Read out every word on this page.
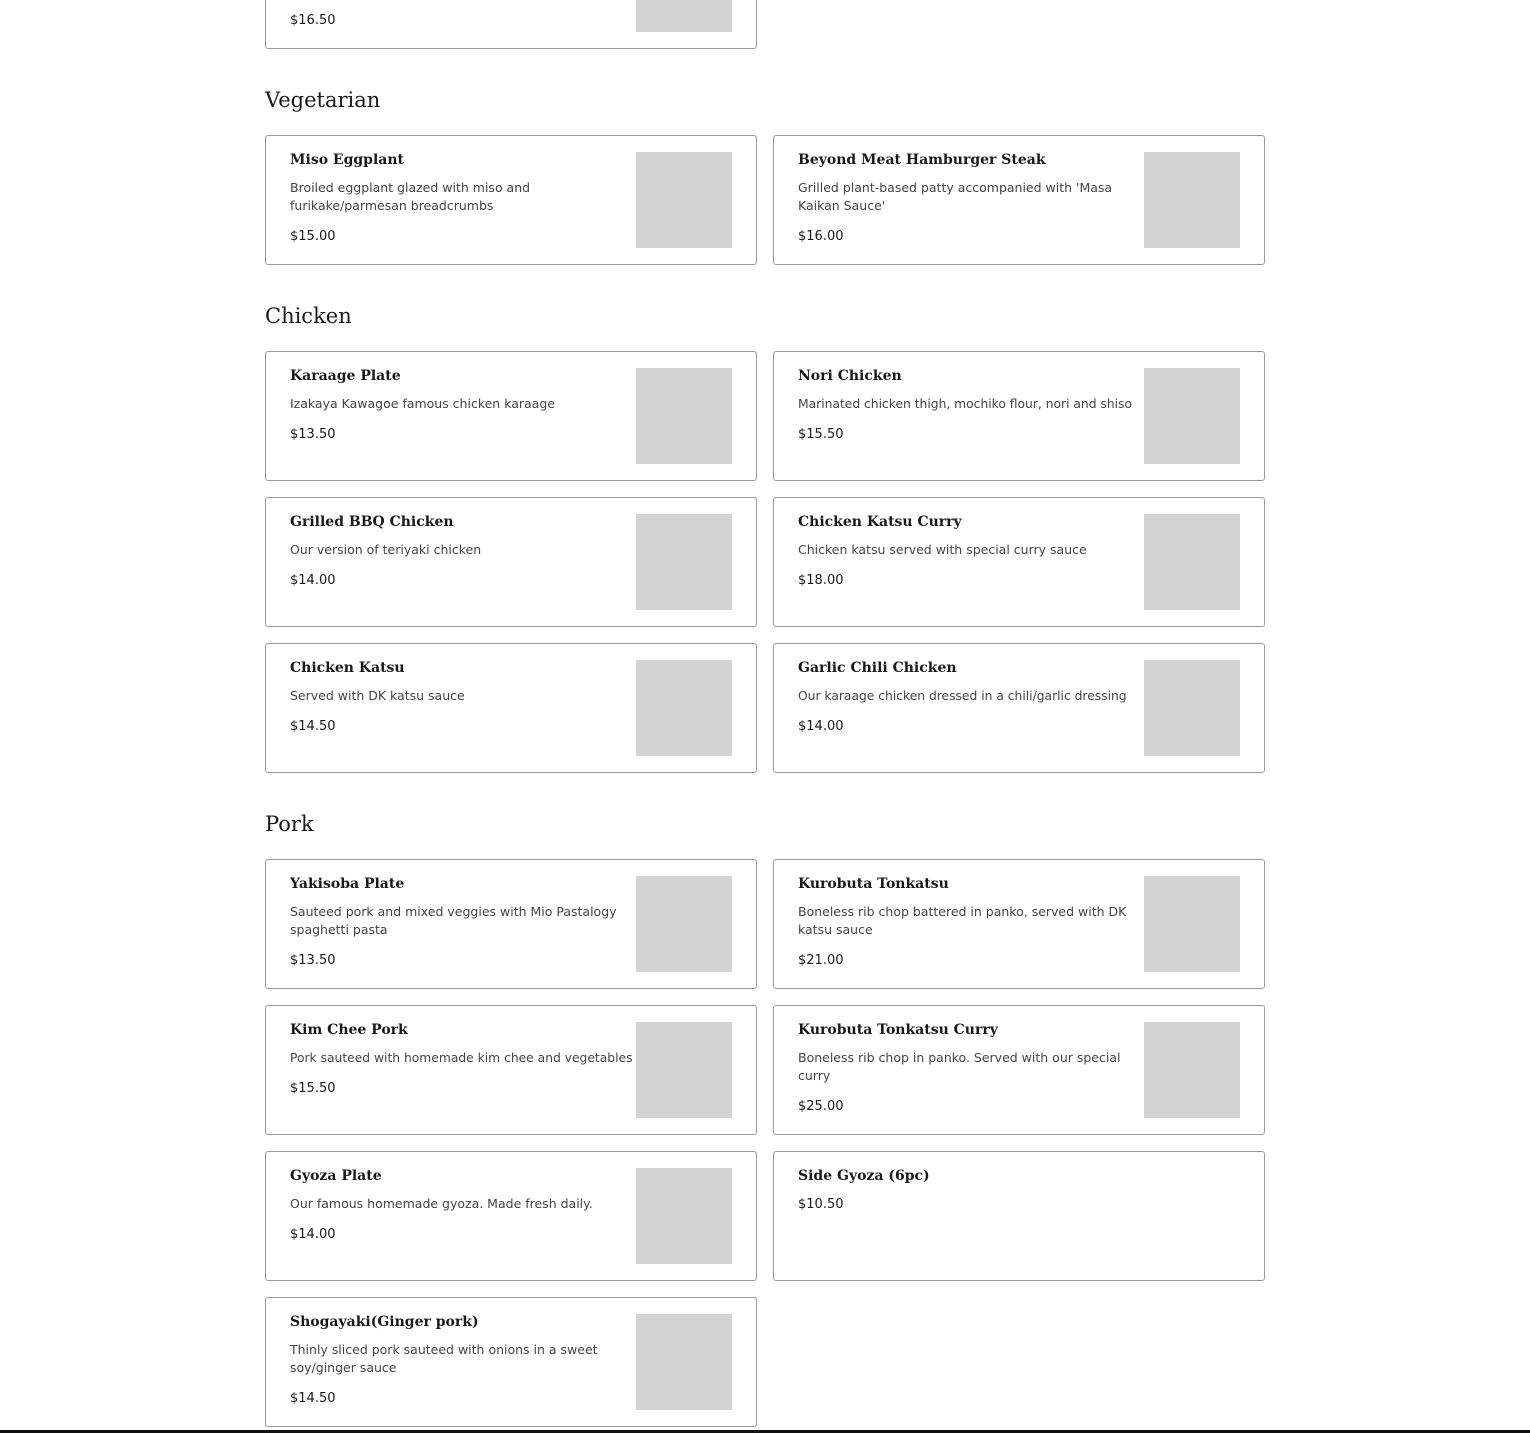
$16.50
Vegetarian
Miso Eggplant
Broiled eggplant glazed with miso and furikake/parmesan breadcrumbs
$15.00
Beyond Meat Hamburger Steak
Grilled plant-based patty accompanied with 'Masa Kaikan Sauce'
$16.00
Chicken
Karaage Plate
Izakaya Kawagoe famous chicken karaage
$13.50
Nori Chicken
Marinated chicken thigh, mochiko flour, nori and shiso
$15.50
Grilled BBQ Chicken
Our version of teriyaki chicken
$14.00
Chicken Katsu Curry
Chicken katsu served with special curry sauce
$18.00
Chicken Katsu
Served with DK katsu sauce
$14.50
Garlic Chili Chicken
Our karaage chicken dressed in a chili/garlic dressing
$14.00
Pork
Yakisoba Plate
Sauteed pork and mixed veggies with Mio Pastalogy spaghetti pasta
$13.50
Kurobuta Tonkatsu
Boneless rib chop battered in panko, served with DK katsu sauce
$21.00
Kim Chee Pork
Pork sauteed with homemade kim chee and vegetables
$15.50
Kurobuta Tonkatsu Curry
Boneless rib chop in panko. Served with our special curry
$25.00
Gyoza Plate
Our famous homemade gyoza. Made fresh daily.
$14.00
Side Gyoza (6pc)
$10.50
Shogayaki(Ginger pork)
Thinly sliced pork sauteed with onions in a sweet soy/ginger sauce
$14.50
